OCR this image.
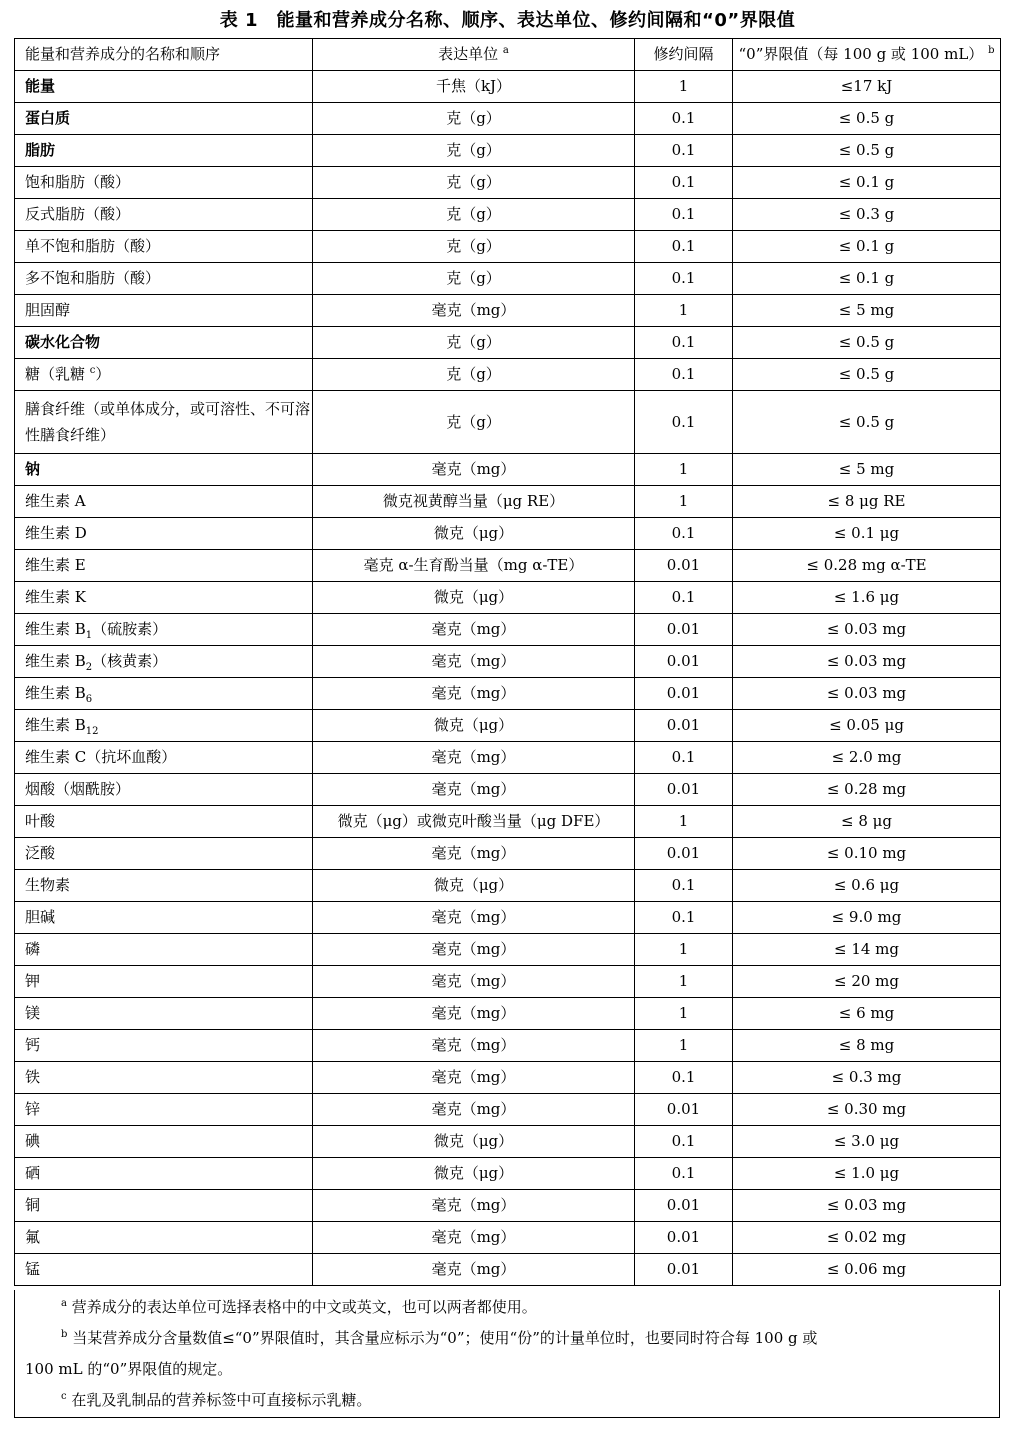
表 1　能量和营养成分名称、顺序、表达单位、修约间隔和“0”界限值
能量和营养成分的名称和顺序	表达单位 $^a$	修约间隔	“0”界限值（每 100 g 或 100 mL） $^b$
能量	千焦（kJ）	1	≤17 kJ
蛋白质	克（g）	0.1	≤ 0.5 g
脂肪	克（g）	0.1	≤ 0.5 g
饱和脂肪（酸）	克（g）	0.1	≤ 0.1 g
反式脂肪（酸）	克（g）	0.1	≤ 0.3 g
单不饱和脂肪（酸）	克（g）	0.1	≤ 0.1 g
多不饱和脂肪（酸）	克（g）	0.1	≤ 0.1 g
胆固醇	毫克（mg）	1	≤ 5 mg
碳水化合物	克（g）	0.1	≤ 0.5 g
糖（乳糖 $^c$）	克（g）	0.1	≤ 0.5 g
膳食纤维（或单体成分，或可溶性、不可溶性膳食纤维）	克（g）	0.1	≤ 0.5 g
钠	毫克（mg）	1	≤ 5 mg
维生素 A	微克视黄醇当量（μg RE）	1	≤ 8 μg RE
维生素 D	微克（μg）	0.1	≤ 0.1 μg
维生素 E	毫克 α-生育酚当量（mg α-TE）	0.01	≤ 0.28 mg α-TE
维生素 K	微克（μg）	0.1	≤ 1.6 μg
维生素 $B_1$（硫胺素）	毫克（mg）	0.01	≤ 0.03 mg
维生素 $B_2$（核黄素）	毫克（mg）	0.01	≤ 0.03 mg
维生素 $B_6$	毫克（mg）	0.01	≤ 0.03 mg
维生素 $B_{12}$	微克（μg）	0.01	≤ 0.05 μg
维生素 C（抗坏血酸）	毫克（mg）	0.1	≤ 2.0 mg
烟酸（烟酰胺）	毫克（mg）	0.01	≤ 0.28 mg
叶酸	微克（μg）或微克叶酸当量（μg DFE）	1	≤ 8 μg
泛酸	毫克（mg）	0.01	≤ 0.10 mg
生物素	微克（μg）	0.1	≤ 0.6 μg
胆碱	毫克（mg）	0.1	≤ 9.0 mg
磷	毫克（mg）	1	≤ 14 mg
钾	毫克（mg）	1	≤ 20 mg
镁	毫克（mg）	1	≤ 6 mg
钙	毫克（mg）	1	≤ 8 mg
铁	毫克（mg）	0.1	≤ 0.3 mg
锌	毫克（mg）	0.01	≤ 0.30 mg
碘	微克（μg）	0.1	≤ 3.0 μg
硒	微克（μg）	0.1	≤ 1.0 μg
铜	毫克（mg）	0.01	≤ 0.03 mg
氟	毫克（mg）	0.01	≤ 0.02 mg
锰	毫克（mg）	0.01	≤ 0.06 mg

$^a$ 营养成分的表达单位可选择表格中的中文或英文，也可以两者都使用。

$^b$ 当某营养成分含量数值≤“0”界限值时，其含量应标示为“0”；使用“份”的计量单位时，也要同时符合每 100 g 或

100 mL 的“0”界限值的规定。

$^c$ 在乳及乳制品的营养标签中可直接标示乳糖。
